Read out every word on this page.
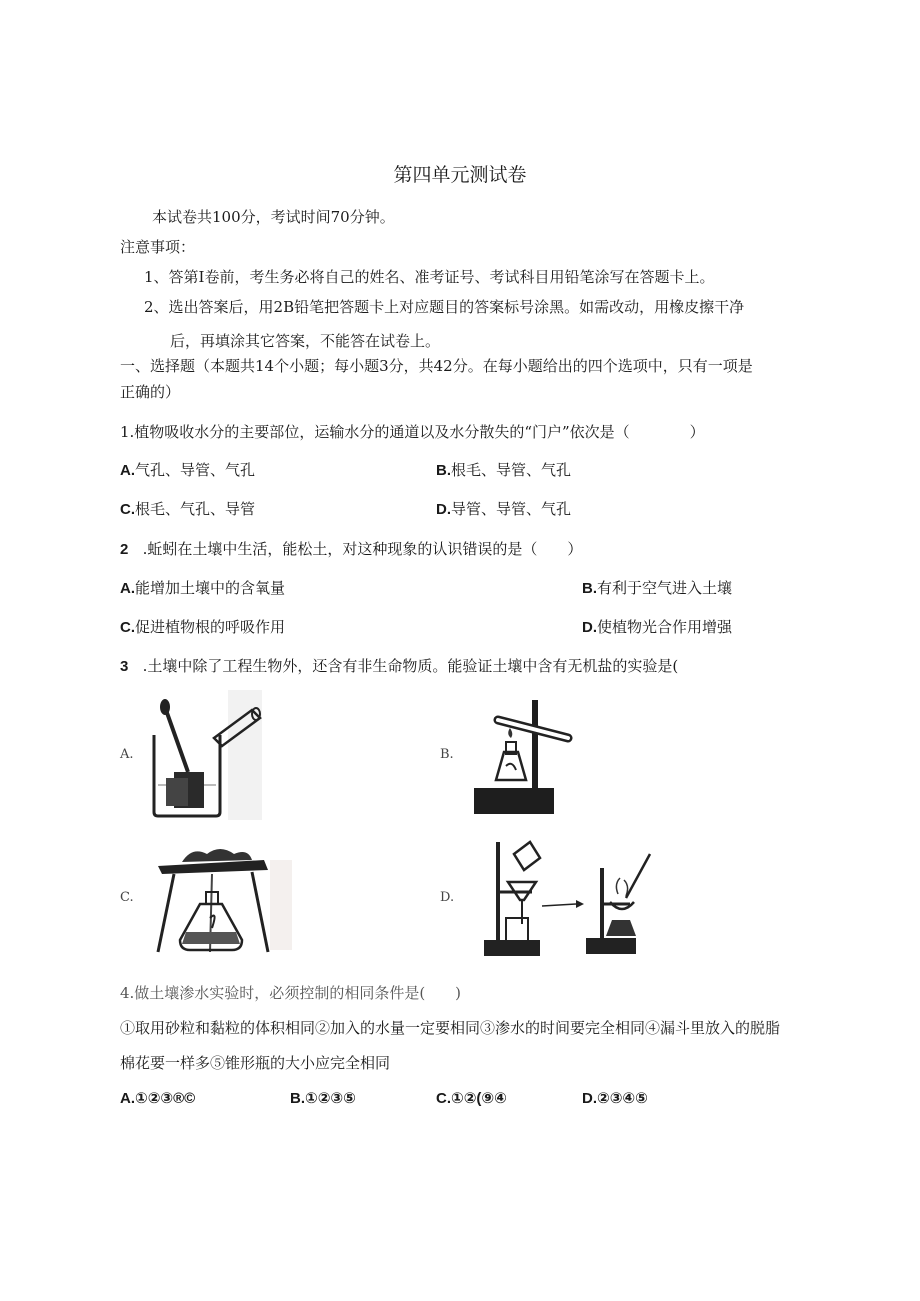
第四单元测试卷
本试卷共100分，考试时间70分钟。
注意事项：
1、答第I卷前，考生务必将自己的姓名、准考证号、考试科目用铅笔涂写在答题卡上。
2、选出答案后，用2B铅笔把答题卡上对应题目的答案标号涂黑。如需改动，用橡皮擦干净
后，再填涂其它答案，不能答在试卷上。
一、选择题（本题共14个小题；每小题3分，共42分。在每小题给出的四个选项中，只有一项是
正确的）
1.植物吸收水分的主要部位，运输水分的通道以及水分散失的“门户”依次是（　　　　）
A.气孔、导管、气孔	B.根毛、导管、气孔
C.根毛、气孔、导管	D.导管、导管、气孔
2 .蚯蚓在土壤中生活，能松土，对这种现象的认识错误的是（　　）
A.能增加土壤中的含氧量	B.有利于空气进入土壤
C.促进植物根的呼吸作用	D.使植物光合作用增强
3 .土壤中除了工程生物外，还含有非生命物质。能验证土壤中含有无机盐的实验是(
A.	B.
C.	D.
4.做土壤渗水实验时，必须控制的相同条件是(　　)
①取用砂粒和黏粒的体积相同②加入的水量一定要相同③渗水的时间要完全相同④漏斗里放入的脱脂
棉花要一样多⑤锥形瓶的大小应完全相同
A.①②③®©	B.①②③⑤	C.①②(⑨④	D.②③④⑤
